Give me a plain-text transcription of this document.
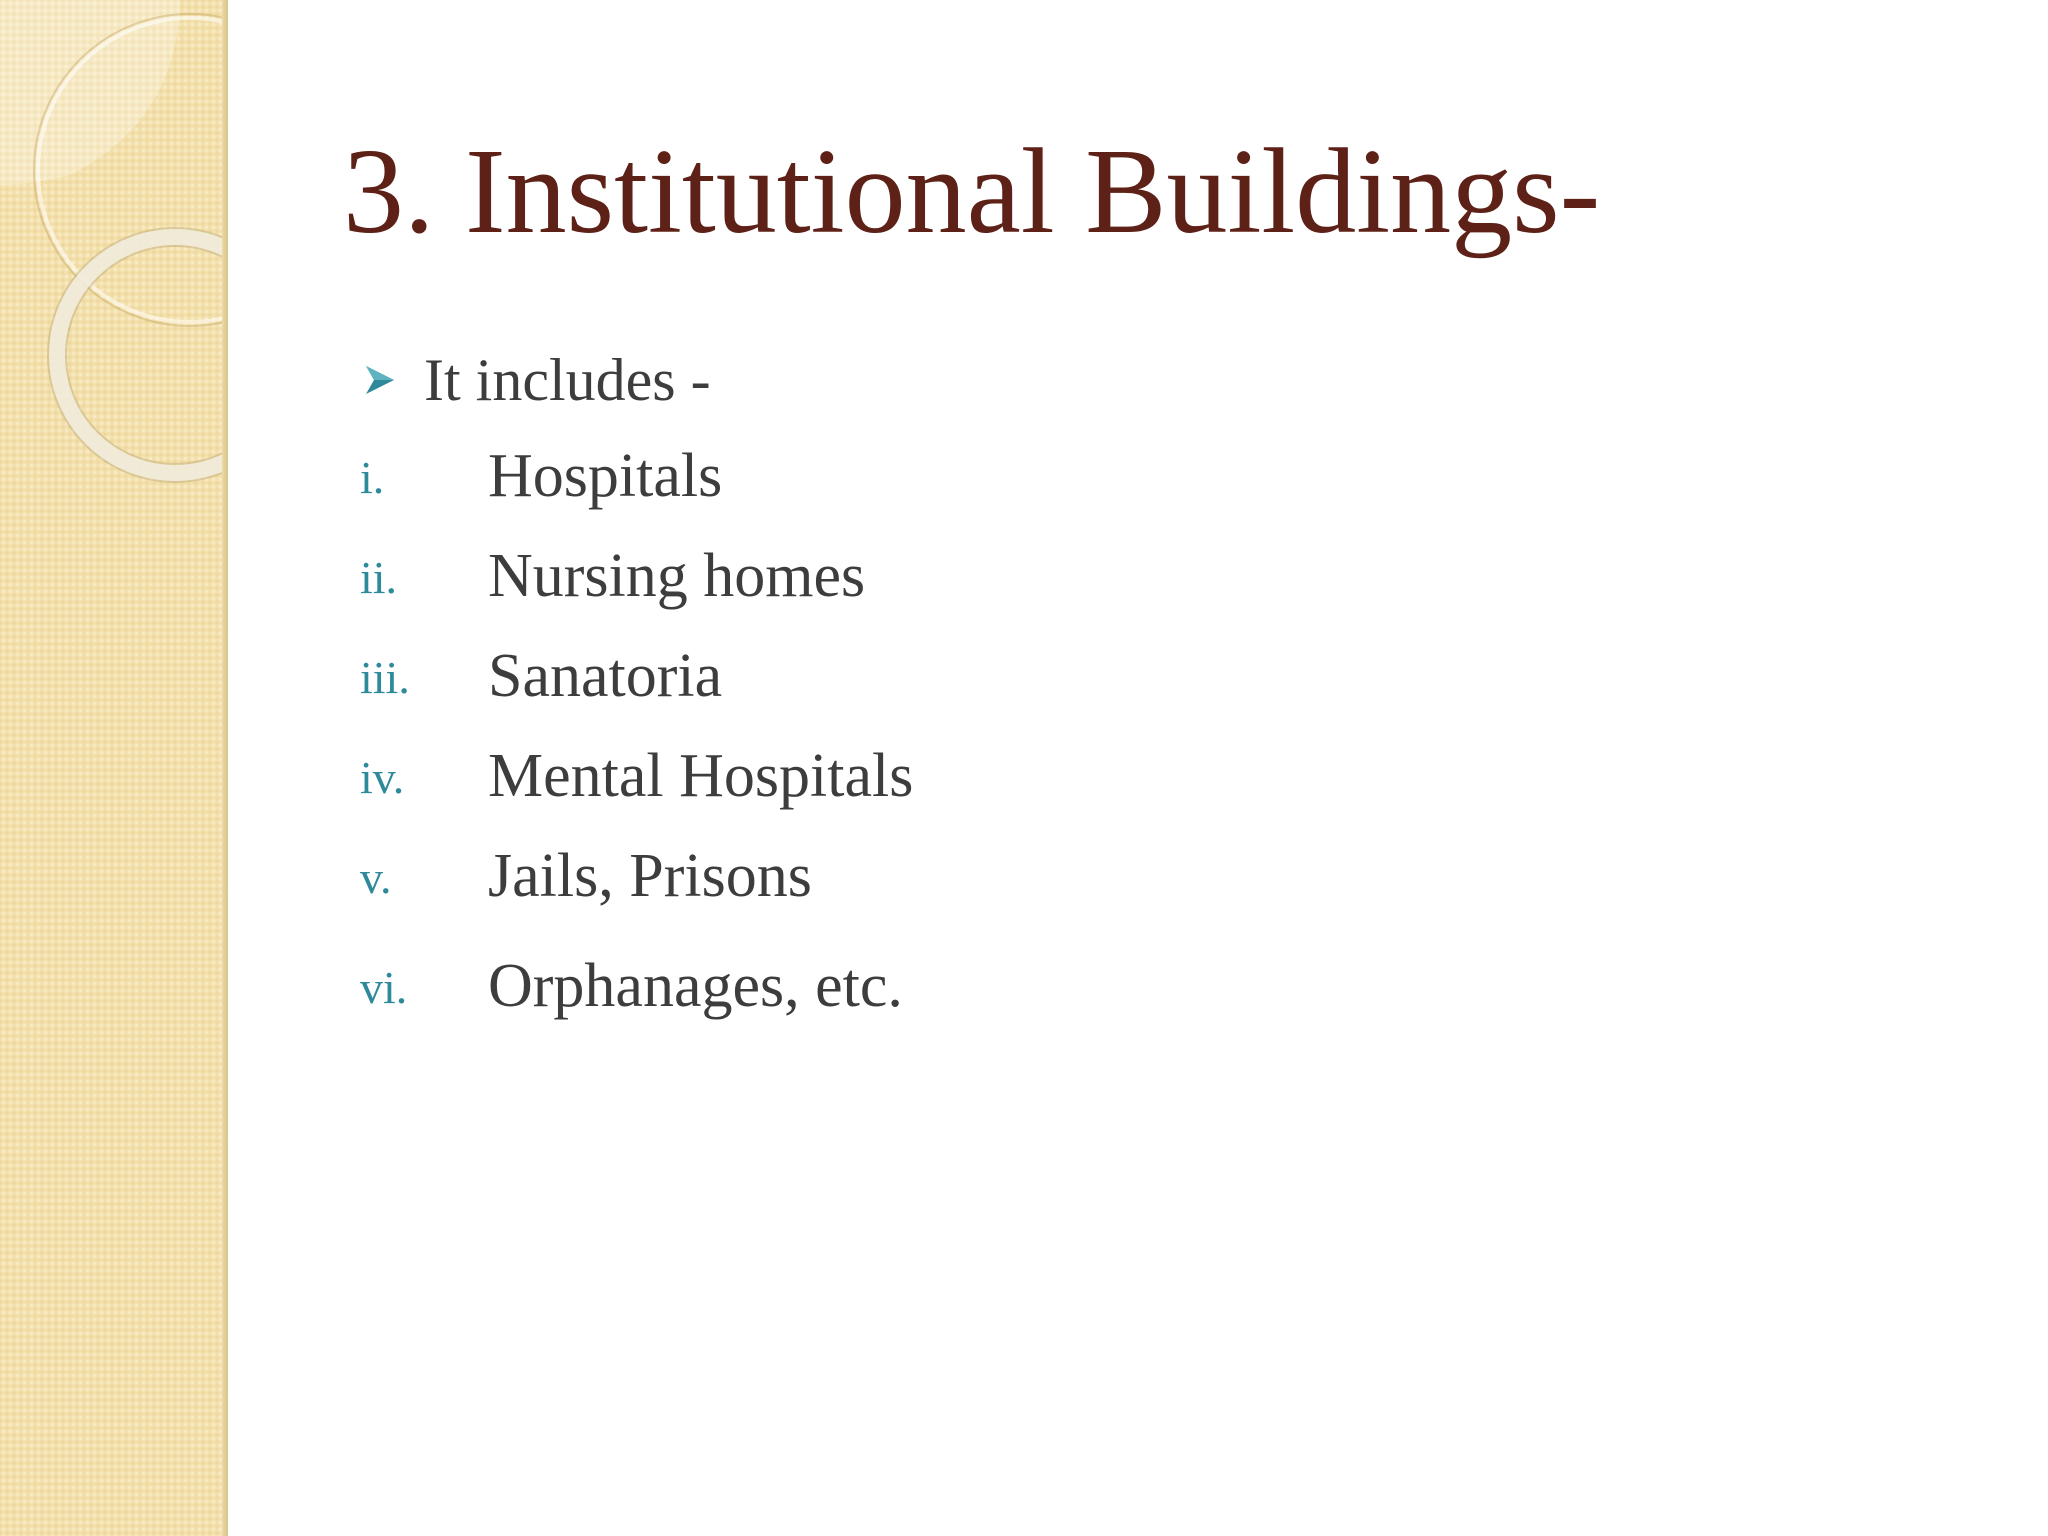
3. Institutional Buildings-
It includes -
i. Hospitals
ii. Nursing homes
iii. Sanatoria
iv. Mental Hospitals
v. Jails, Prisons
vi. Orphanages, etc.
